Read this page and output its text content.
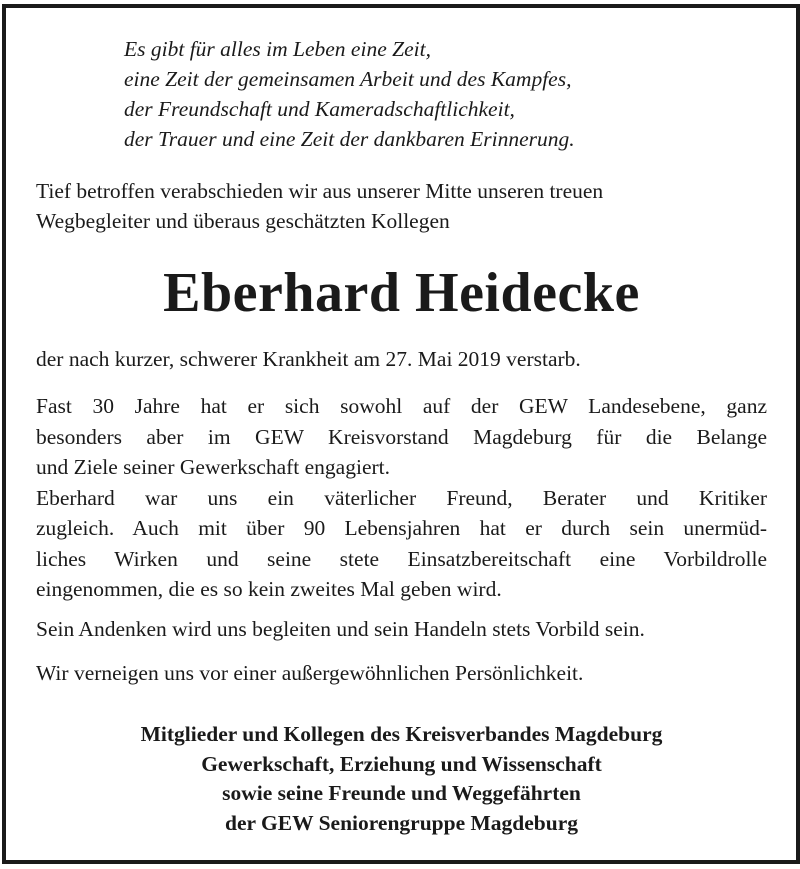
Es gibt für alles im Leben eine Zeit,
eine Zeit der gemeinsamen Arbeit und des Kampfes,
der Freundschaft und Kameradschaftlichkeit,
der Trauer und eine Zeit der dankbaren Erinnerung.
Tief betroffen verabschieden wir aus unserer Mitte unseren treuen
Wegbegleiter und überaus geschätzten Kollegen
Eberhard Heidecke
der nach kurzer, schwerer Krankheit am 27. Mai 2019 verstarb.
Fast 30 Jahre hat er sich sowohl auf der GEW Landesebene, ganz
besonders aber im GEW Kreisvorstand Magdeburg für die Belange
und Ziele seiner Gewerkschaft engagiert.
Eberhard war uns ein väterlicher Freund, Berater und Kritiker
zugleich. Auch mit über 90 Lebensjahren hat er durch sein unermüd-
liches Wirken und seine stete Einsatzbereitschaft eine Vorbildrolle
eingenommen, die es so kein zweites Mal geben wird.
Sein Andenken wird uns begleiten und sein Handeln stets Vorbild sein.
Wir verneigen uns vor einer außergewöhnlichen Persönlichkeit.
Mitglieder und Kollegen des Kreisverbandes Magdeburg
Gewerkschaft, Erziehung und Wissenschaft
sowie seine Freunde und Weggefährten
der GEW Seniorengruppe Magdeburg
